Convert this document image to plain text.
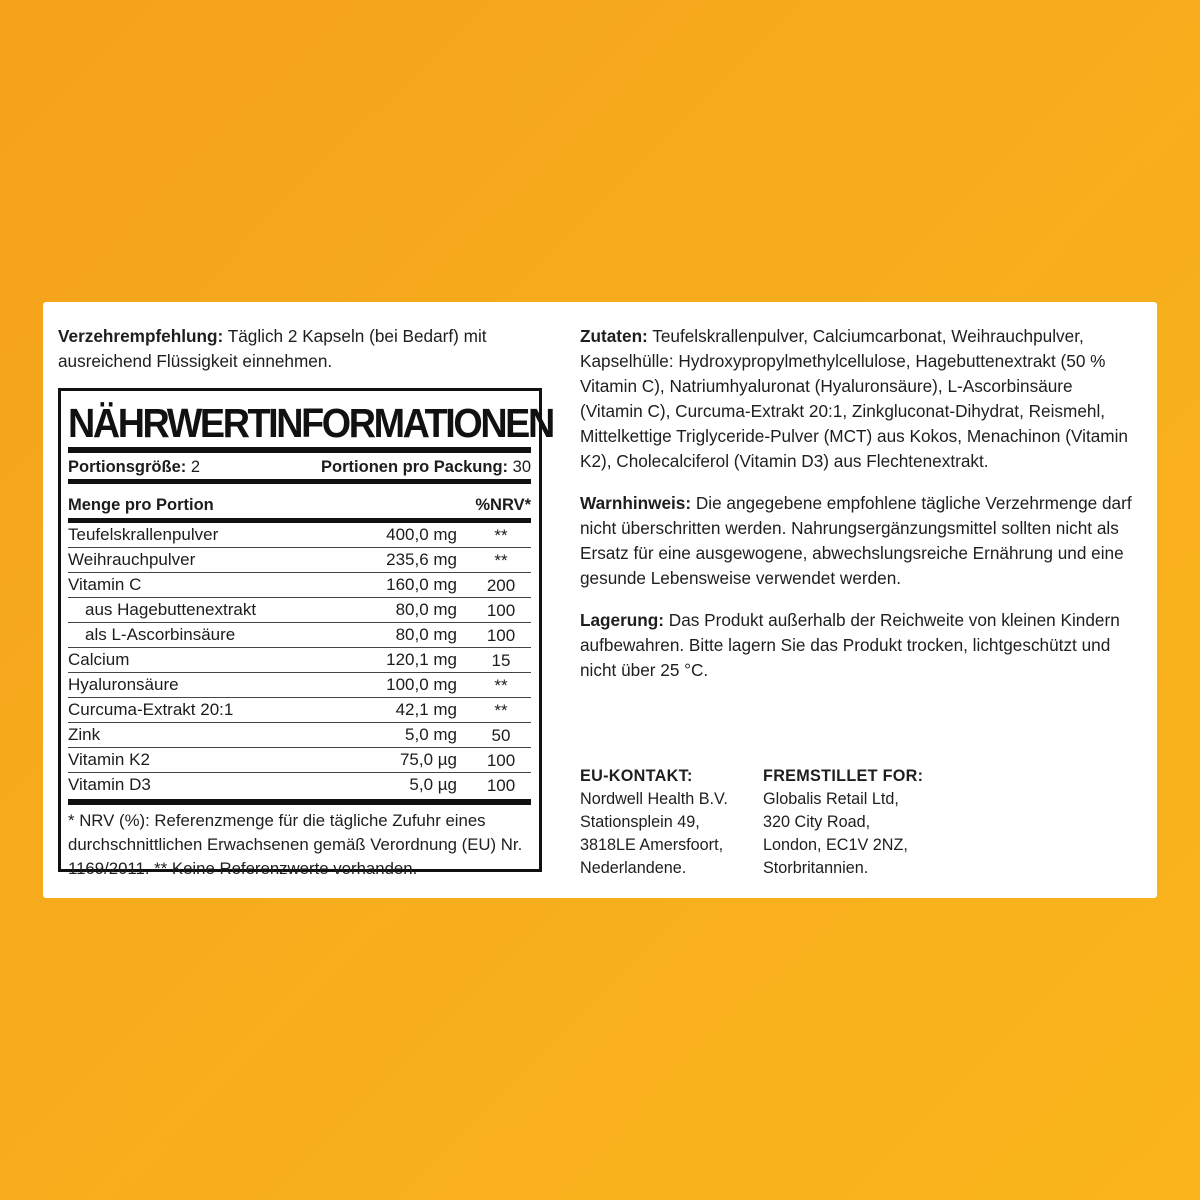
Verzehrempfehlung: Täglich 2 Kapseln (bei Bedarf) mit ausreichend Flüssigkeit einnehmen.

NÄHRWERTINFORMATIONEN
Portionsgröße: 2	Portionen pro Packung: 30
Menge pro Portion	%NRV*
Teufelskrallenpulver	400,0 mg	**
Weihrauchpulver	235,6 mg	**
Vitamin C	160,0 mg	200
aus Hagebuttenextrakt	80,0 mg	100
als L-Ascorbinsäure	80,0 mg	100
Calcium	120,1 mg	15
Hyaluronsäure	100,0 mg	**
Curcuma-Extrakt 20:1	42,1 mg	**
Zink	5,0 mg	50
Vitamin K2	75,0 µg	100
Vitamin D3	5,0 µg	100
* NRV (%): Referenzmenge für die tägliche Zufuhr eines durchschnittlichen Erwachsenen gemäß Verordnung (EU) Nr. 1169/2011. ** Keine Referenzwerte vorhanden.

Zutaten: Teufelskrallenpulver, Calciumcarbonat, Weihrauchpulver, Kapselhülle: Hydroxypropylmethylcellulose, Hagebuttenextrakt (50 % Vitamin C), Natriumhyaluronat (Hyaluronsäure), L-Ascorbinsäure (Vitamin C), Curcuma-Extrakt 20:1, Zinkgluconat-Dihydrat, Reismehl, Mittelkettige Triglyceride-Pulver (MCT) aus Kokos, Menachinon (Vitamin K2), Cholecalciferol (Vitamin D3) aus Flechtenextrakt.

Warnhinweis: Die angegebene empfohlene tägliche Verzehrmenge darf nicht überschritten werden. Nahrungsergänzungsmittel sollten nicht als Ersatz für eine ausgewogene, abwechslungsreiche Ernährung und eine gesunde Lebensweise verwendet werden.

Lagerung: Das Produkt außerhalb der Reichweite von kleinen Kindern aufbewahren. Bitte lagern Sie das Produkt trocken, lichtgeschützt und nicht über 25 °C.

EU-KONTAKT:
Nordwell Health B.V.
Stationsplein 49,
3818LE Amersfoort,
Nederlandene.
FREMSTILLET FOR:
Globalis Retail Ltd,
320 City Road,
London, EC1V 2NZ,
Storbritannien.
